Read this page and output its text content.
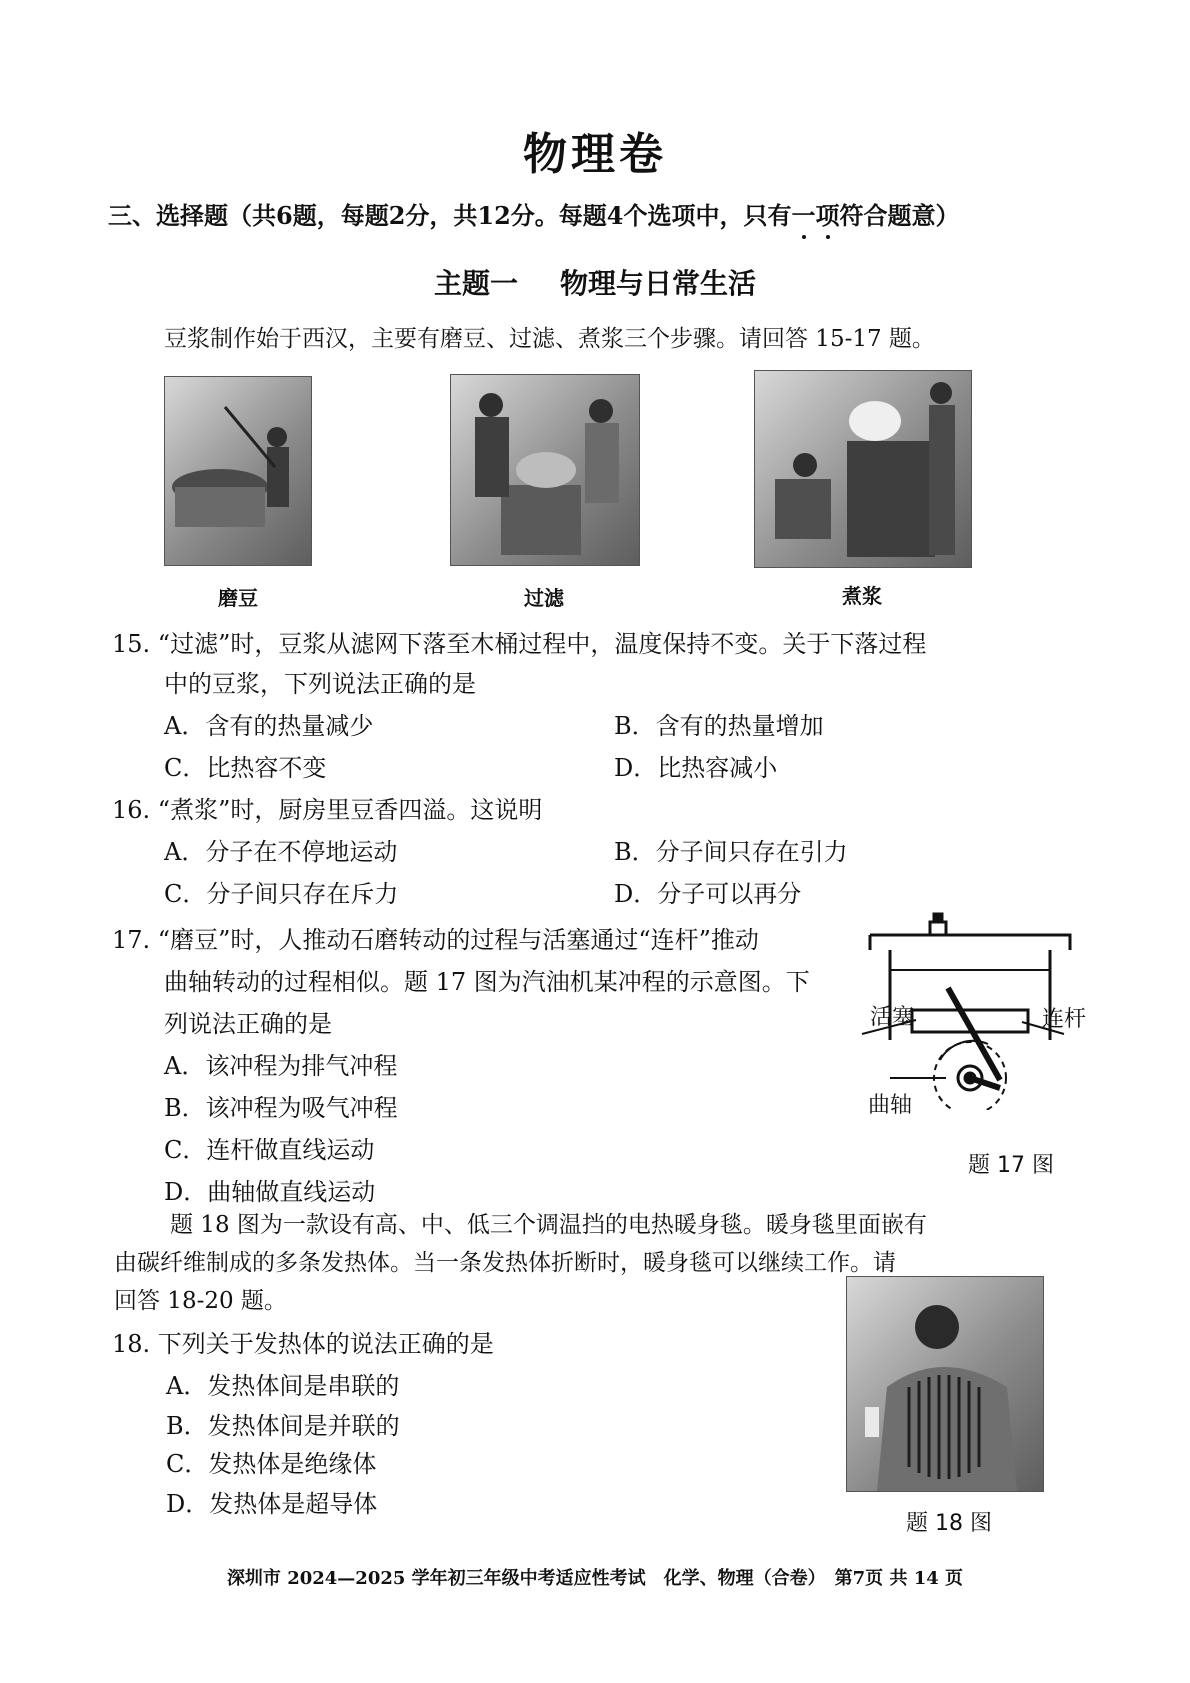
物理卷
三、选择题（共6题，每题2分，共12分。每题4个选项中，只有一项符合题意）
主题一 物理与日常生活
豆浆制作始于西汉，主要有磨豆、过滤、煮浆三个步骤。请回答 15-17 题。
磨豆	过滤	煮浆
15. “过滤”时，豆浆从滤网下落至木桶过程中，温度保持不变。关于下落过程
中的豆浆，下列说法正确的是
A．含有的热量减少	B．含有的热量增加
C．比热容不变	D．比热容减小
16. “煮浆”时，厨房里豆香四溢。这说明
A．分子在不停地运动	B．分子间只存在引力
C．分子间只存在斥力	D．分子可以再分
17. “磨豆”时，人推动石磨转动的过程与活塞通过“连杆”推动
曲轴转动的过程相似。题 17 图为汽油机某冲程的示意图。下
列说法正确的是
A．该冲程为排气冲程
B．该冲程为吸气冲程
C．连杆做直线运动
D．曲轴做直线运动
活塞	连杆
曲轴
题 17 图
题 18 图为一款设有高、中、低三个调温挡的电热暖身毯。暖身毯里面嵌有
由碳纤维制成的多条发热体。当一条发热体折断时，暖身毯可以继续工作。请
回答 18-20 题。
18. 下列关于发热体的说法正确的是
A．发热体间是串联的
B．发热体间是并联的
C．发热体是绝缘体
D．发热体是超导体
题 18 图
深圳市 2024—2025 学年初三年级中考适应性考试　化学、物理（合卷）　第7页 共 14 页
